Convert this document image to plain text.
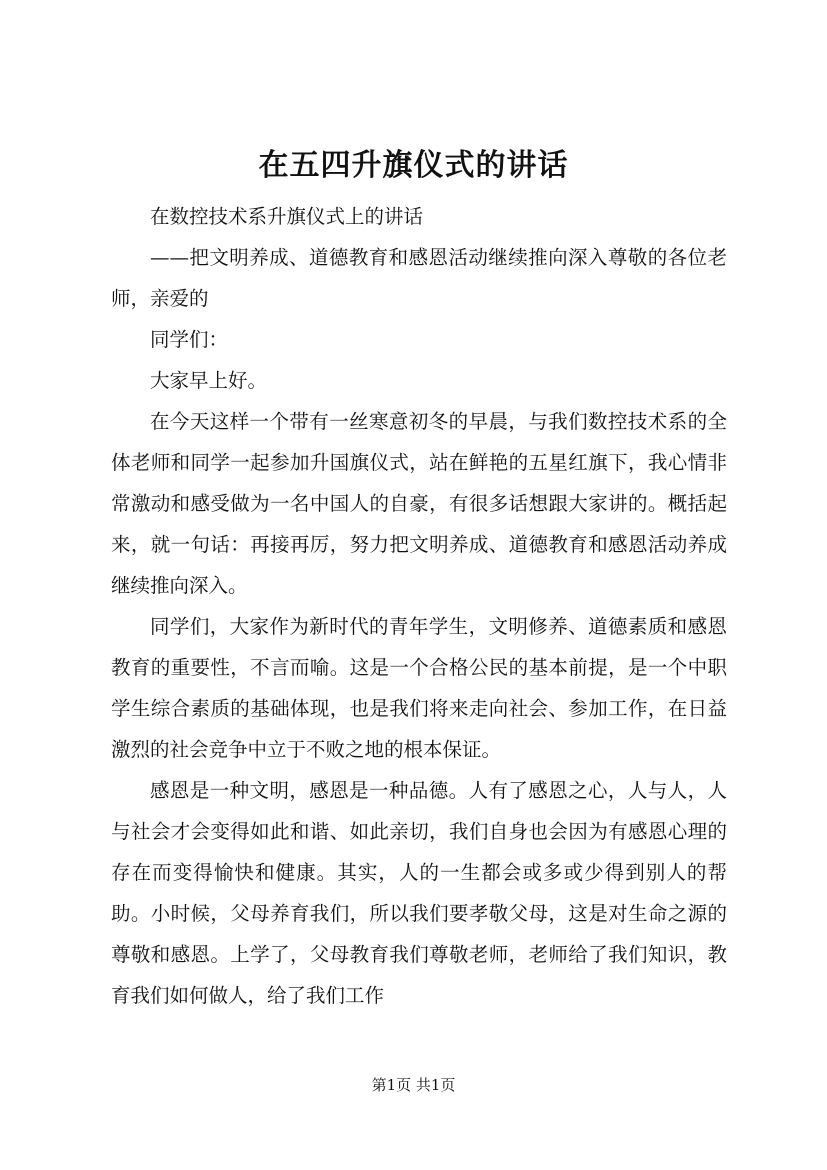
在五四升旗仪式的讲话

在数控技术系升旗仪式上的讲话

——把文明养成、道德教育和感恩活动继续推向深入尊敬的各位老师，亲爱的

同学们：

大家早上好。

在今天这样一个带有一丝寒意初冬的早晨，与我们数控技术系的全体老师和同学一起参加升国旗仪式，站在鲜艳的五星红旗下，我心情非常激动和感受做为一名中国人的自豪，有很多话想跟大家讲的。概括起来，就一句话：再接再厉，努力把文明养成、道德教育和感恩活动养成继续推向深入。

同学们，大家作为新时代的青年学生，文明修养、道德素质和感恩教育的重要性，不言而喻。这是一个合格公民的基本前提，是一个中职学生综合素质的基础体现，也是我们将来走向社会、参加工作，在日益激烈的社会竞争中立于不败之地的根本保证。

感恩是一种文明，感恩是一种品德。人有了感恩之心，人与人，人与社会才会变得如此和谐、如此亲切，我们自身也会因为有感恩心理的存在而变得愉快和健康。其实，人的一生都会或多或少得到别人的帮助。小时候，父母养育我们，所以我们要孝敬父母，这是对生命之源的尊敬和感恩。上学了，父母教育我们尊敬老师，老师给了我们知识，教育我们如何做人，给了我们工作

第1页 共1页
